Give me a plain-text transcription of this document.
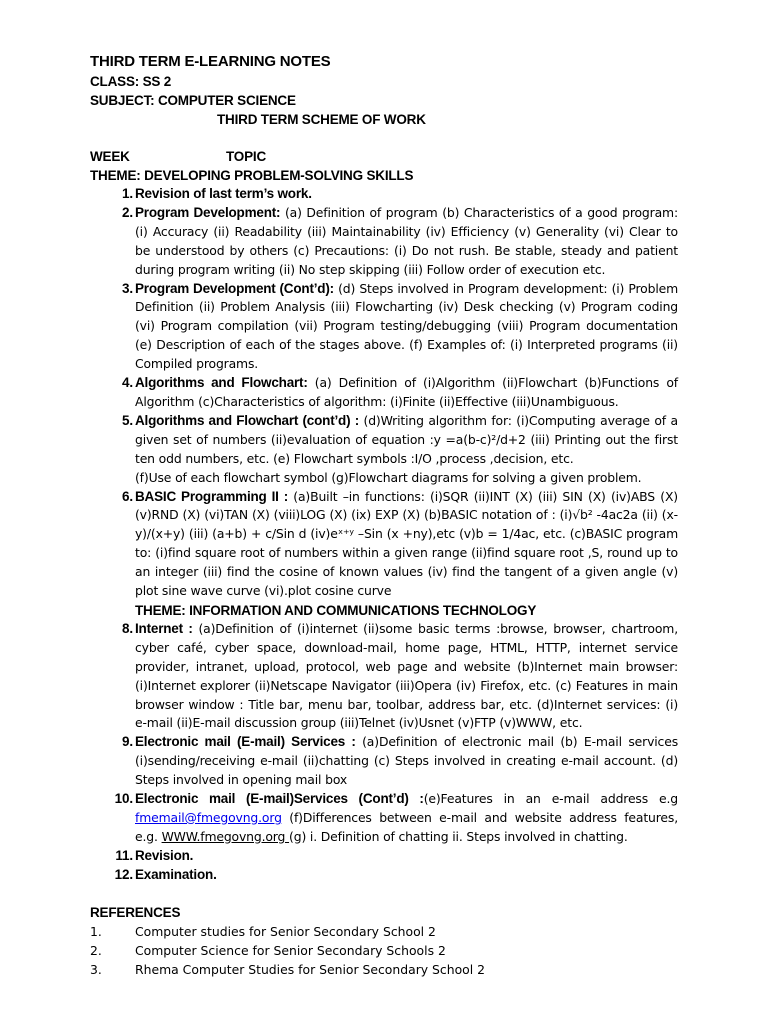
THIRD TERM E-LEARNING NOTES
CLASS: SS 2
SUBJECT: COMPUTER SCIENCE
THIRD TERM SCHEME OF WORK
WEEK	TOPIC
THEME: DEVELOPING PROBLEM-SOLVING SKILLS
1. Revision of last term’s work.
2. Program Development: (a) Definition of program (b) Characteristics of a good program: (i) Accuracy (ii) Readability (iii) Maintainability (iv) Efficiency (v) Generality (vi) Clear to be understood by others (c) Precautions: (i) Do not rush. Be stable, steady and patient during program writing (ii) No step skipping (iii) Follow order of execution etc.
3. Program Development (Cont’d): (d) Steps involved in Program development: (i) Problem Definition (ii) Problem Analysis (iii) Flowcharting (iv) Desk checking (v) Program coding (vi) Program compilation (vii) Program testing/debugging (viii) Program documentation (e) Description of each of the stages above. (f) Examples of: (i) Interpreted programs (ii) Compiled programs.
4. Algorithms and Flowchart: (a) Definition of (i)Algorithm (ii)Flowchart (b)Functions of Algorithm (c)Characteristics of algorithm: (i)Finite (ii)Effective (iii)Unambiguous.
5. Algorithms and Flowchart (cont’d) : (d)Writing algorithm for: (i)Computing average of a given set of numbers (ii)evaluation of equation :y =a(b-c)²/d+2 (iii) Printing out the first ten odd numbers, etc. (e) Flowchart symbols :I/O ,process ,decision, etc.
(f)Use of each flowchart symbol (g)Flowchart diagrams for solving a given problem.
6. BASIC Programming II : (a)Built –in functions: (i)SQR (ii)INT (X) (iii) SIN (X) (iv)ABS (X) (v)RND (X) (vi)TAN (X) (viii)LOG (X) (ix) EXP (X) (b)BASIC notation of : (i)√b² -4ac2a (ii) (x-y)/(x+y) (iii) (a+b) + c/Sin d (iv)eˣ⁺ʸ –Sin (x +ny),etc (v)b = 1/4ac, etc. (c)BASIC program to: (i)find square root of numbers within a given range (ii)find square root ,S, round up to an integer (iii) find the cosine of known values (iv) find the tangent of a given angle (v) plot sine wave curve (vi).plot cosine curve
THEME: INFORMATION AND COMMUNICATIONS TECHNOLOGY
8. Internet : (a)Definition of (i)internet (ii)some basic terms :browse, browser, chartroom, cyber café, cyber space, download-mail, home page, HTML, HTTP, internet service provider, intranet, upload, protocol, web page and website (b)Internet main browser: (i)Internet explorer (ii)Netscape Navigator (iii)Opera (iv) Firefox, etc. (c) Features in main browser window : Title bar, menu bar, toolbar, address bar, etc. (d)Internet services: (i) e-mail (ii)E-mail discussion group (iii)Telnet (iv)Usnet (v)FTP (v)WWW, etc.
9. Electronic mail (E-mail) Services : (a)Definition of electronic mail (b) E-mail services (i)sending/receiving e-mail (ii)chatting (c) Steps involved in creating e-mail account. (d) Steps involved in opening mail box
10. Electronic mail (E-mail)Services (Cont’d) :(e)Features in an e-mail address e.g fmemail@fmegovng.org (f)Differences between e-mail and website address features, e.g. WWW.fmegovng.org (g) i. Definition of chatting ii. Steps involved in chatting.
11. Revision.
12. Examination.
REFERENCES
1.	Computer studies for Senior Secondary School 2
2.	Computer Science for Senior Secondary Schools 2
3.	Rhema Computer Studies for Senior Secondary School 2
